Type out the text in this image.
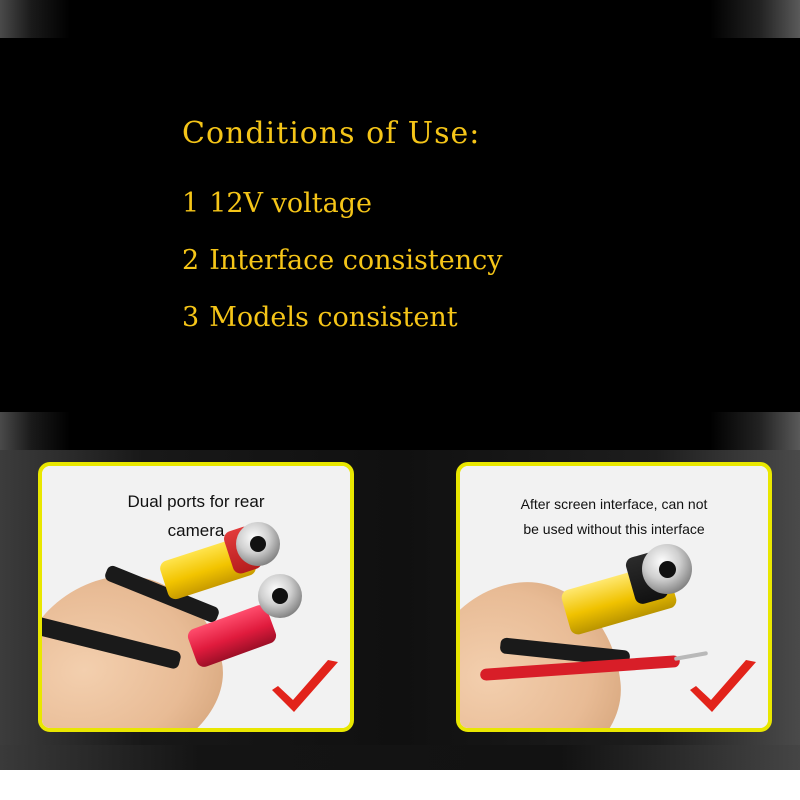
Conditions of Use:
1 12V voltage
2 Interface consistency
3 Models consistent
Dual ports for rear
camera
After screen interface, can not
be used without this interface
